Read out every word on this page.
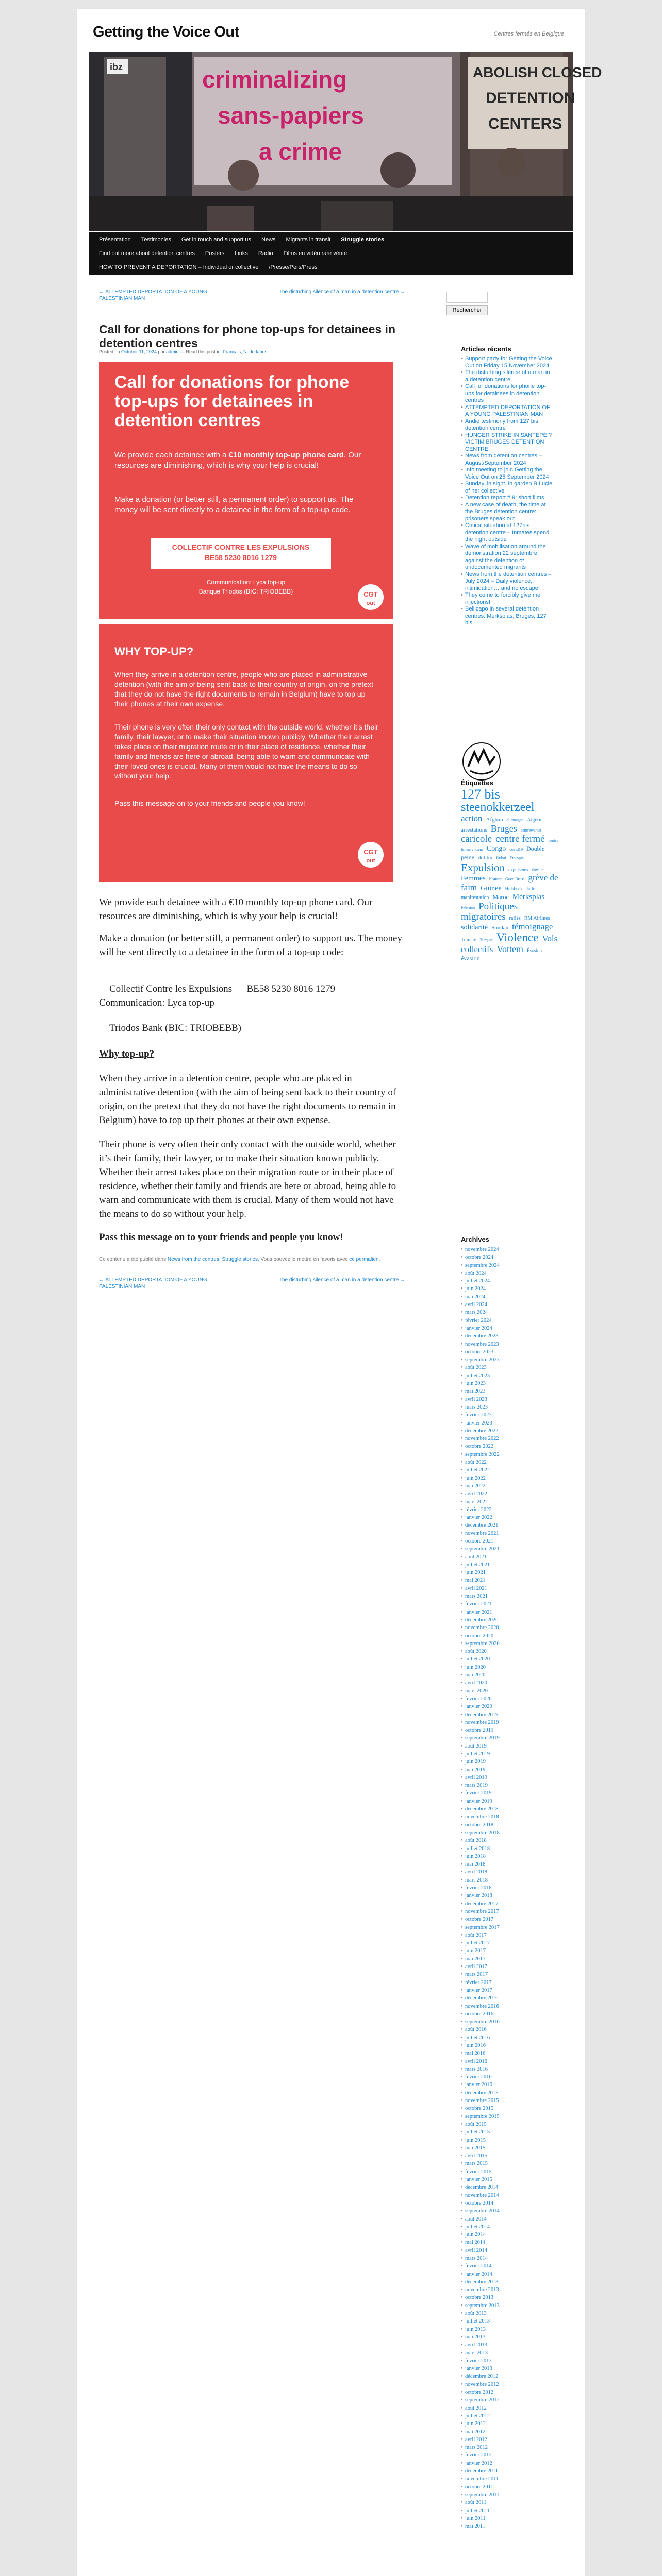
Getting the Voice Out	Centres fermés en Belgique
ibz	criminalizing
sans-papiers
a crime
ABOLISH CLOSED
DETENTION
CENTERS
Présentation	Testimonies	Get in touch and support us	News	Migrants in transit	Struggle stories
Find out more about detention centres	Posters	Links	Radio	Films en vidéo rare vérité
HOW TO PREVENT A DEPORTATION – Individual or collective	/Presse/Pers/Press
← ATTEMPTED DEPORTATION OF A YOUNG PALESTINIAN MAN
The disturbing silence of a man in a detention centre →
Rechercher
Call for donations for phone top-ups for detainees in detention centres
Posted on October 11, 2024 par admin — Read this post in: Français, Nederlands
Call for donations for phone top-ups for detainees in detention centres

We provide each detainee with a €10 monthly top-up phone card. Our resources are diminishing, which is why your help is crucial!

Make a donation (or better still, a permanent order) to support us. The money will be sent directly to a detainee in the form of a top-up code.

COLLECTIF CONTRE LES EXPULSIONS
BE58 5230 8016 1279

Communication: Lyca top-up

Banque Triodos (BIC: TRIOBEBB)	CGT
out
WHY TOP-UP?

When they arrive in a detention centre, people who are placed in administrative detention (with the aim of being sent back to their country of origin, on the pretext that they do not have the right documents to remain in Belgium) have to top up their phones at their own expense.

Their phone is very often their only contact with the outside world, whether it’s their family, their lawyer, or to make their situation known publicly. Whether their arrest takes place on their migration route or in their place of residence, whether their family and friends are here or abroad, being able to warn and communicate with their loved ones is crucial. Many of them would not have the means to do so without your help.

Pass this message on to your friends and people you know!

CGT
out
We provide each detainee with a €10 monthly top-up phone card. Our resources are diminishing, which is why your help is crucial!
Make a donation (or better still, a permanent order) to support us. The money will be sent directly to a detainee in the form of a top-up code:
Collectif Contre les Expulsions      BE58 5230 8016 1279
Communication: Lyca top-up
Triodos Bank (BIC: TRIOBEBB)
Why top-up?
When they arrive in a detention centre, people who are placed in administrative detention (with the aim of being sent back to their country of origin, on the pretext that they do not have the right documents to remain in Belgium) have to top up their phones at their own expense.
Their phone is very often their only contact with the outside world, whether it’s their family, their lawyer, or to make their situation known publicly. Whether their arrest takes place on their migration route or in their place of residence, whether their family and friends are here or abroad, being able to warn and communicate with them is crucial. Many of them would not have the means to do so without your help.
Pass this message on to your friends and people you know!
Ce contenu a été publié dans News from the centres, Struggle stories. Vous pouvez le mettre en favoris avec ce permalien.
← ATTEMPTED DEPORTATION OF A YOUNG PALESTINIAN MAN
The disturbing silence of a man in a detention centre →
Articles récents
• Support party for Getting the Voice Out on Friday 15 November 2024
• The disturbing silence of a man in a detention centre
• Call for donations for phone top-ups for detainees in detention centres
• ATTEMPTED DEPORTATION OF A YOUNG PALESTINIAN MAN
• Andie testimony from 127 bis detention centre
• HUNGER STRIKE IN SANTEPÉ ? VICTIM BRUGES DETENTION CENTRE
• News from detention centres – August/September 2024
• Info meeting to join Getting the Voice Out on 25 September 2024
• Sunday, in sight, in garden B Lucie of her collective
• Detention report # 9: short films
• A new case of death, the time at the Bruges detention centre: prisoners speak out
• Critical situation at 127bis detention centre – Inmates spend the night outside
• Wave of mobilisation around the demonstration 22 septembre against the detention of undocumented migrants
• News from the detention centres – July 2024 – Daily violence, intimidation… and no escape!
• They come to forcibly give me injections!
• Bellicapo in several detention centres: Merksplas, Bruges, 127 bis
Étiquettes
127 bis steenokkerzeel action Afghan allemagne Algerie arrestations Bruges centrewamst caricole centre fermé centre ferme vottem Congo covid19 Double peine dublin Dubai Ethiopia Expulsion expulsions famille Femmes France Goed Bruss grève de faim Guinee Holsbeek Jaffe manifestation Maroc Merksplas Pakistan Politiques migratoires raflés RM Airlines solidarité Soudan témoignage Tunisie Turquie Violence Vols collectifs Vottem Évasion évasion
Archives
• novembre 2024
• octobre 2024
• septembre 2024
• août 2024
• juillet 2024
• juin 2024
• mai 2024
• avril 2024
• mars 2024
• février 2024
• janvier 2024
• décembre 2023
• novembre 2023
• octobre 2023
• septembre 2023
• août 2023
• juillet 2023
• juin 2023
• mai 2023
• avril 2023
• mars 2023
• février 2023
• janvier 2023
• décembre 2022
• novembre 2022
• octobre 2022
• septembre 2022
• août 2022
• juillet 2022
• juin 2022
• mai 2022
• avril 2022
• mars 2022
• février 2022
• janvier 2022
• décembre 2021
• novembre 2021
• octobre 2021
• septembre 2021
• août 2021
• juillet 2021
• juin 2021
• mai 2021
• avril 2021
• mars 2021
• février 2021
• janvier 2021
• décembre 2020
• novembre 2020
• octobre 2020
• septembre 2020
• août 2020
• juillet 2020
• juin 2020
• mai 2020
• avril 2020
• mars 2020
• février 2020
• janvier 2020
• décembre 2019
• novembre 2019
• octobre 2019
• septembre 2019
• août 2019
• juillet 2019
• juin 2019
• mai 2019
• avril 2019
• mars 2019
• février 2019
• janvier 2019
• décembre 2018
• novembre 2018
• octobre 2018
• septembre 2018
• août 2018
• juillet 2018
• juin 2018
• mai 2018
• avril 2018
• mars 2018
• février 2018
• janvier 2018
• décembre 2017
• novembre 2017
• octobre 2017
• septembre 2017
• août 2017
• juillet 2017
• juin 2017
• mai 2017
• avril 2017
• mars 2017
• février 2017
• janvier 2017
• décembre 2016
• novembre 2016
• octobre 2016
• septembre 2016
• août 2016
• juillet 2016
• juin 2016
• mai 2016
• avril 2016
• mars 2016
• février 2016
• janvier 2016
• décembre 2015
• novembre 2015
• octobre 2015
• septembre 2015
• août 2015
• juillet 2015
• juin 2015
• mai 2015
• avril 2015
• mars 2015
• février 2015
• janvier 2015
• décembre 2014
• novembre 2014
• octobre 2014
• septembre 2014
• août 2014
• juillet 2014
• juin 2014
• mai 2014
• avril 2014
• mars 2014
• février 2014
• janvier 2014
• décembre 2013
• novembre 2013
• octobre 2013
• septembre 2013
• août 2013
• juillet 2013
• juin 2013
• mai 2013
• avril 2013
• mars 2013
• février 2013
• janvier 2013
• décembre 2012
• novembre 2012
• octobre 2012
• septembre 2012
• août 2012
• juillet 2012
• juin 2012
• mai 2012
• avril 2012
• mars 2012
• février 2012
• janvier 2012
• décembre 2011
• novembre 2011
• octobre 2011
• septembre 2011
• août 2011
• juillet 2011
• juin 2011
• mai 2011
